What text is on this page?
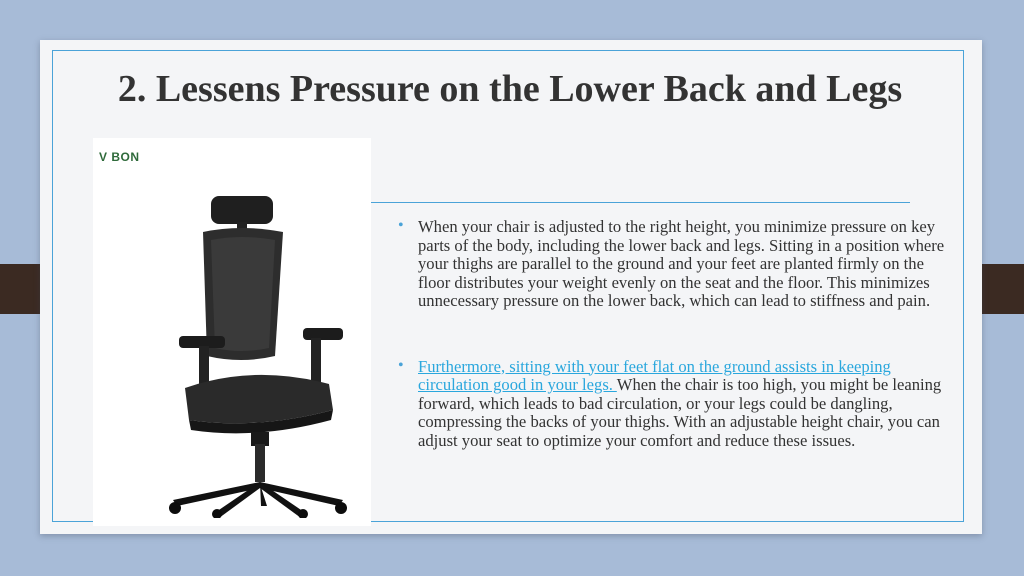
2. Lessens Pressure on the Lower Back and Legs
V BON

• When your chair is adjusted to the right height, you minimize pressure on key parts of the body, including the lower back and legs. Sitting in a position where your thighs are parallel to the ground and your feet are planted firmly on the floor distributes your weight evenly on the seat and the floor. This minimizes unnecessary pressure on the lower back, which can lead to stiffness and pain.

• Furthermore, sitting with your feet flat on the ground assists in keeping circulation good in your legs. When the chair is too high, you might be leaning forward, which leads to bad circulation, or your legs could be dangling, compressing the backs of your thighs. With an adjustable height chair, you can adjust your seat to optimize your comfort and reduce these issues.
